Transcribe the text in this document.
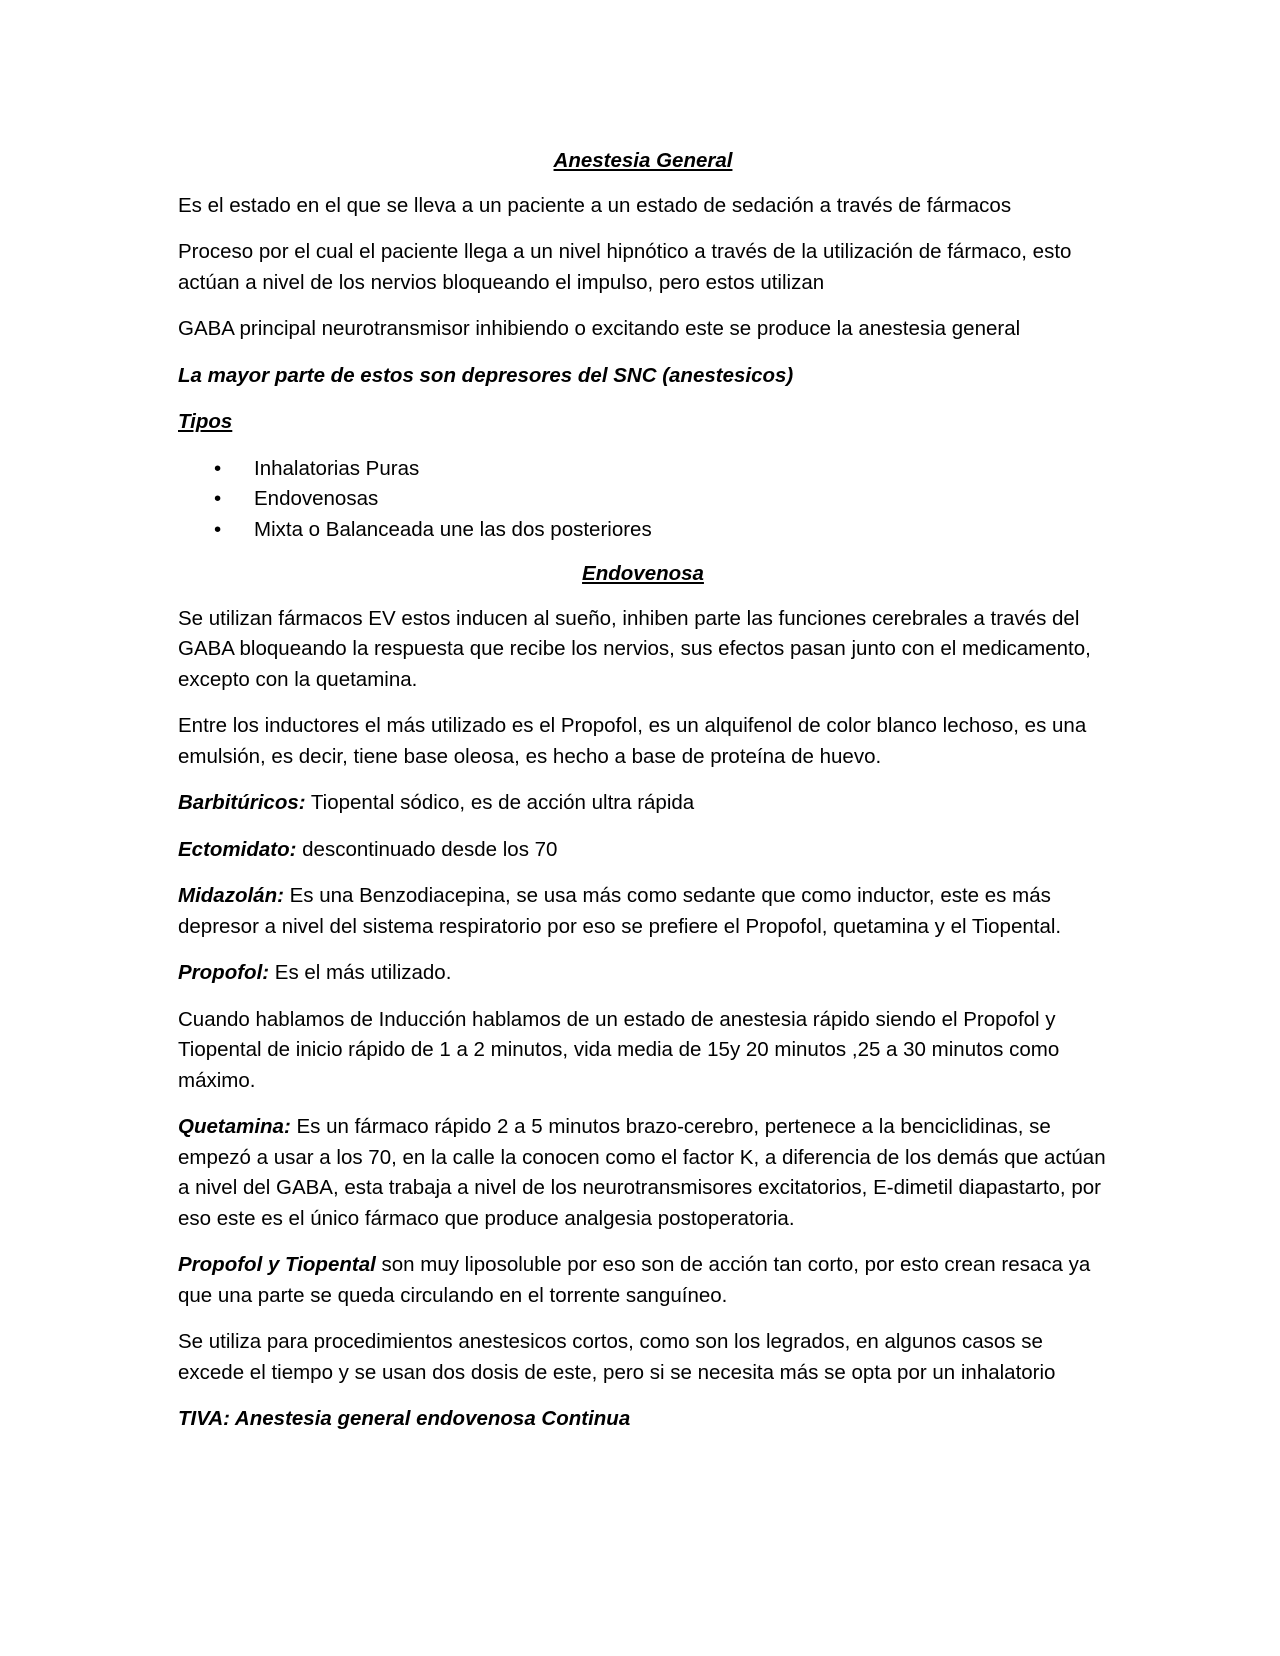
Anestesia General

Es el estado en el que se lleva a un paciente a un estado de sedación a través de fármacos

Proceso por el cual el paciente llega a un nivel hipnótico a través de la utilización de fármaco, esto actúan a nivel de los nervios bloqueando el impulso, pero estos utilizan

GABA principal neurotransmisor inhibiendo o excitando este se produce la anestesia general

La mayor parte de estos son depresores del SNC (anestesicos)

Tipos

• Inhalatorias Puras
• Endovenosas
• Mixta o Balanceada une las dos posteriores

Endovenosa

Se utilizan fármacos EV estos inducen al sueño, inhiben parte las funciones cerebrales a través del GABA bloqueando la respuesta que recibe los nervios, sus efectos pasan junto con el medicamento, excepto con la quetamina.

Entre los inductores el más utilizado es el Propofol, es un alquifenol de color blanco lechoso, es una emulsión, es decir, tiene base oleosa, es hecho a base de proteína de huevo.

Barbitúricos: Tiopental sódico, es de acción ultra rápida

Ectomidato: descontinuado desde los 70

Midazolán: Es una Benzodiacepina, se usa más como sedante que como inductor, este es más depresor a nivel del sistema respiratorio por eso se prefiere el Propofol, quetamina y el Tiopental.

Propofol: Es el más utilizado.

Cuando hablamos de Inducción hablamos de un estado de anestesia rápido siendo el Propofol y Tiopental de inicio rápido de 1 a 2 minutos, vida media de 15y 20 minutos ,25 a 30 minutos como máximo.

Quetamina: Es un fármaco rápido 2 a 5 minutos brazo-cerebro, pertenece a la benciclidinas, se empezó a usar a los 70, en la calle la conocen como el factor K, a diferencia de los demás que actúan a nivel del GABA, esta trabaja a nivel de los neurotransmisores excitatorios, E-dimetil diapastarto, por eso este es el único fármaco que produce analgesia postoperatoria.

Propofol y Tiopental son muy liposoluble por eso son de acción tan corto, por esto crean resaca ya que una parte se queda circulando en el torrente sanguíneo.

Se utiliza para procedimientos anestesicos cortos, como son los legrados, en algunos casos se excede el tiempo y se usan dos dosis de este, pero si se necesita más se opta por un inhalatorio

TIVA: Anestesia general endovenosa Continua
